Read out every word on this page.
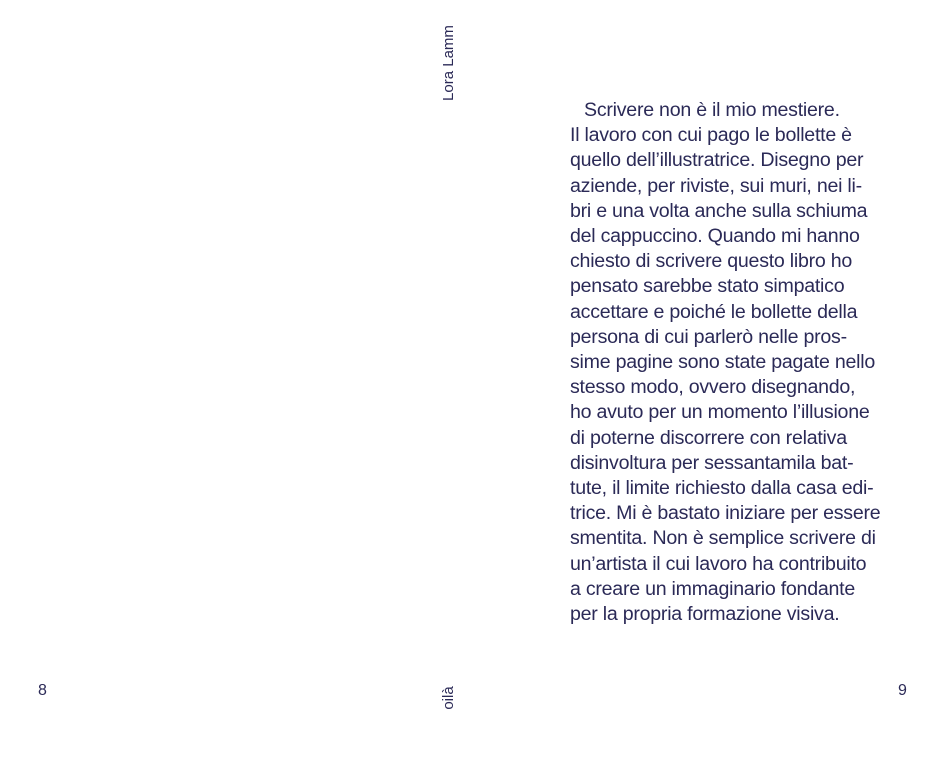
8
Lora Lamm
oilà
Scrivere non è il mio mestiere.
Il lavoro con cui pago le bollette è
quello dell’illustratrice. Disegno per
aziende, per riviste, sui muri, nei li-
bri e una volta anche sulla schiuma
del cappuccino. Quando mi hanno
chiesto di scrivere questo libro ho
pensato sarebbe stato simpatico
accettare e poiché le bollette della
persona di cui parlerò nelle pros-
sime pagine sono state pagate nello
stesso modo, ovvero disegnando,
ho avuto per un momento l’illusione
di poterne discorrere con relativa
disinvoltura per sessantamila bat-
tute, il limite richiesto dalla casa edi-
trice. Mi è bastato iniziare per essere
smentita. Non è semplice scrivere di
un’artista il cui lavoro ha contribuito
a creare un immaginario fondante
per la propria formazione visiva.
9
